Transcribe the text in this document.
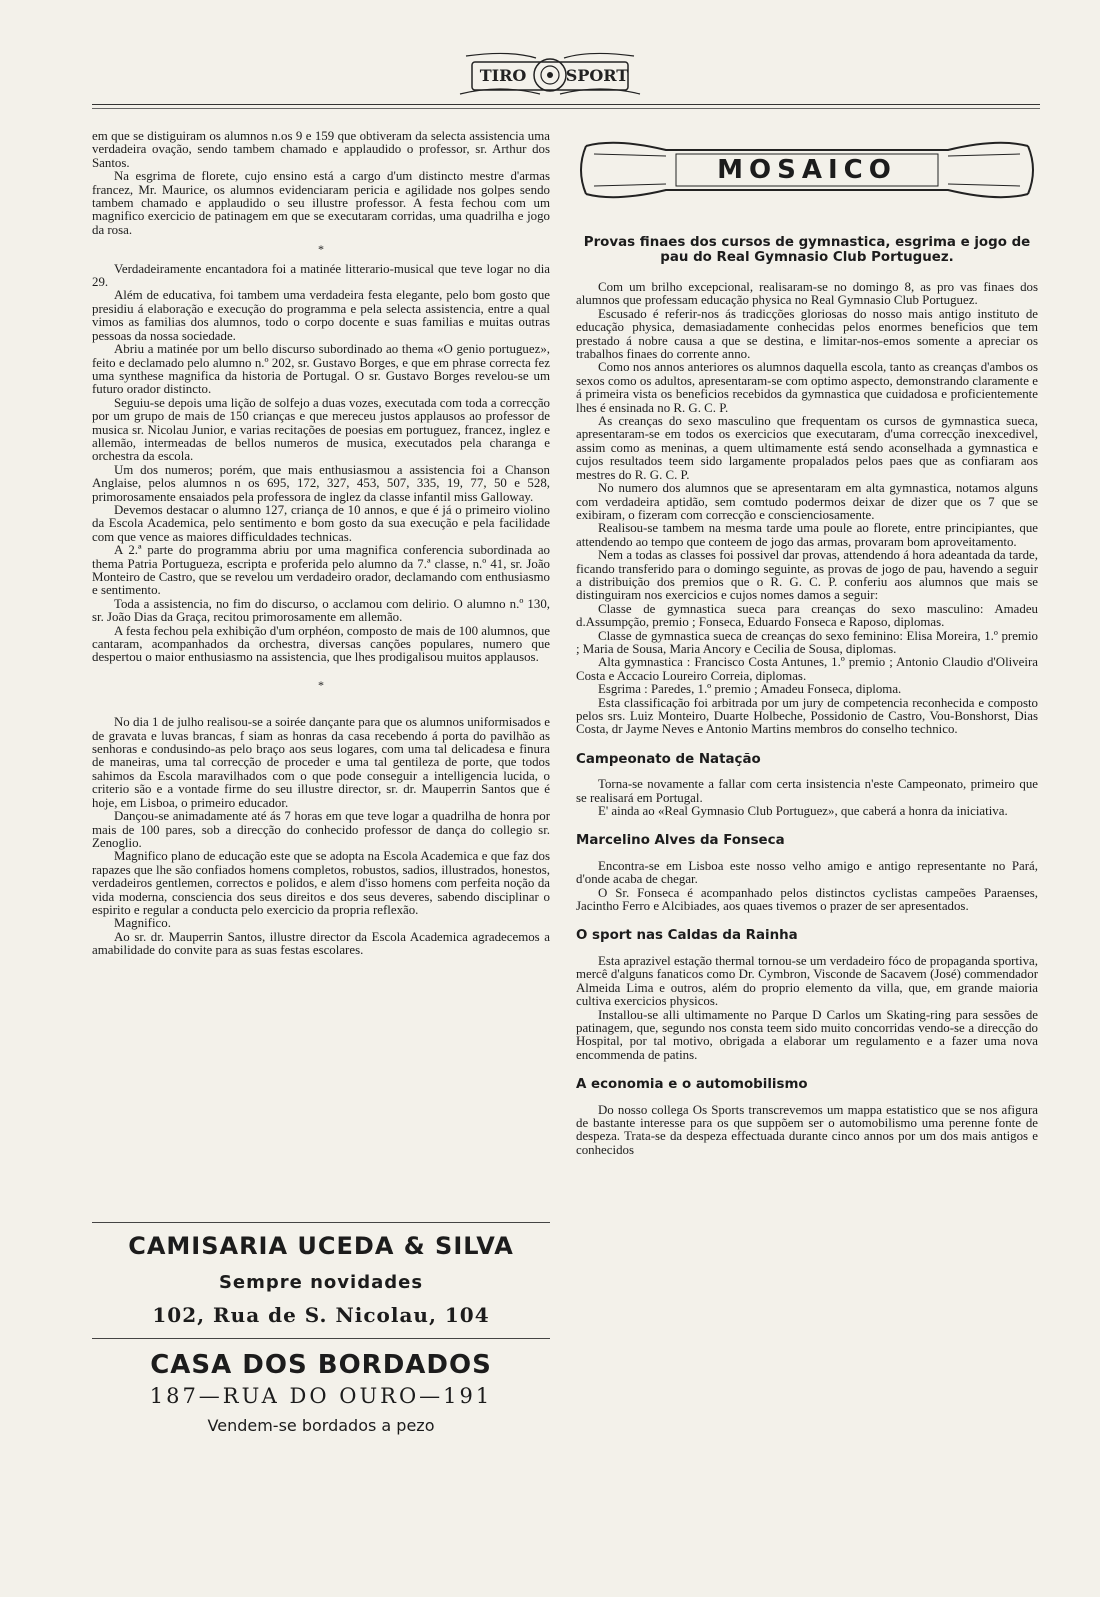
TIRO SPORT

em que se distiguiram os alumnos n.os 9 e 159 que obtiveram da selecta assistencia uma verdadeira ovação, sendo tambem chamado e applaudido o professor, sr. Arthur dos Santos.

Na esgrima de florete, cujo ensino está a cargo d'um distincto mestre d'armas francez, Mr. Maurice, os alumnos evidenciaram pericia e agilidade nos golpes sendo tambem chamado e applaudido o seu illustre professor. A festa fechou com um magnifico exercicio de patinagem em que se executaram corridas, uma quadrilha e jogo da rosa.

*

Verdadeiramente encantadora foi a matinée litterario-musical que teve logar no dia 29.

Além de educativa, foi tambem uma verdadeira festa elegante, pelo bom gosto que presidiu á elaboração e execução do programma e pela selecta assistencia, entre a qual vimos as familias dos alumnos, todo o corpo docente e suas familias e muitas outras pessoas da nossa sociedade.

Abriu a matinée por um bello discurso subordinado ao thema «O genio portuguez», feito e declamado pelo alumno n.º 202, sr. Gustavo Borges, e que em phrase correcta fez uma synthese magnifica da historia de Portugal. O sr. Gustavo Borges revelou-se um futuro orador distincto.

Seguiu-se depois uma lição de solfejo a duas vozes, executada com toda a correcção por um grupo de mais de 150 crianças e que mereceu justos applausos ao professor de musica sr. Nicolau Junior, e varias recitações de poesias em portuguez, francez, inglez e allemão, intermeadas de bellos numeros de musica, executados pela charanga e orchestra da escola.

Um dos numeros; porém, que mais enthusiasmou a assistencia foi a Chanson Anglaise, pelos alumnos n os 695, 172, 327, 453, 507, 335, 19, 77, 50 e 528, primorosamente ensaiados pela professora de inglez da classe infantil miss Galloway.

Devemos destacar o alumno 127, criança de 10 annos, e que é já o primeiro violino da Escola Academica, pelo sentimento e bom gosto da sua execução e pela facilidade com que vence as maiores difficuldades technicas.

A 2.ª parte do programma abriu por uma magnifica conferencia subordinada ao thema Patria Portugueza, escripta e proferida pelo alumno da 7.ª classe, n.º 41, sr. João Monteiro de Castro, que se revelou um verdadeiro orador, declamando com enthusiasmo e sentimento.

Toda a assistencia, no fim do discurso, o acclamou com delirio. O alumno n.º 130, sr. João Dias da Graça, recitou primorosamente em allemão.

A festa fechou pela exhibição d'um orphéon, composto de mais de 100 alumnos, que cantaram, acompanhados da orchestra, diversas canções populares, numero que despertou o maior enthusiasmo na assistencia, que lhes prodigalisou muitos applausos.

*

No dia 1 de julho realisou-se a soirée dançante para que os alumnos uniformisados e de gravata e luvas brancas, f siam as honras da casa recebendo á porta do pavilhão as senhoras e condusindo-as pelo braço aos seus logares, com uma tal delicadesa e finura de maneiras, uma tal correcção de proceder e uma tal gentileza de porte, que todos sahimos da Escola maravilhados com o que pode conseguir a intelligencia lucida, o criterio são e a vontade firme do seu illustre director, sr. dr. Mauperrin Santos que é hoje, em Lisboa, o primeiro educador.

Dançou-se animadamente até ás 7 horas em que teve logar a quadrilha de honra por mais de 100 pares, sob a direcção do conhecido professor de dança do collegio sr. Zenoglio.

Magnifico plano de educação este que se adopta na Escola Academica e que faz dos rapazes que lhe são confiados homens completos, robustos, sadios, illustrados, honestos, verdadeiros gentlemen, correctos e polidos, e alem d'isso homens com perfeita noção da vida moderna, consciencia dos seus direitos e dos seus deveres, sabendo disciplinar o espirito e regular a conducta pelo exercicio da propria reflexão.

Magnifico.

Ao sr. dr. Mauperrin Santos, illustre director da Escola Academica agradecemos a amabilidade do convite para as suas festas escolares.

CAMISARIA UCEDA & SILVA
Sempre novidades
102, Rua de S. Nicolau, 104
CASA DOS BORDADOS
187—RUA DO OURO—191
Vendem-se bordados a pezo
MOSAICO
Provas finaes dos cursos de gymnastica, esgrima e jogo de pau do Real Gymnasio Club Portuguez.

Com um brilho excepcional, realisaram-se no domingo 8, as pro vas finaes dos alumnos que professam educação physica no Real Gymnasio Club Portuguez.

Escusado é referir-nos ás tradicções gloriosas do nosso mais antigo instituto de educação physica, demasiadamente conhecidas pelos enormes beneficios que tem prestado á nobre causa a que se destina, e limitar-nos-emos somente a apreciar os trabalhos finaes do corrente anno.

Como nos annos anteriores os alumnos daquella escola, tanto as creanças d'ambos os sexos como os adultos, apresentaram-se com optimo aspecto, demonstrando claramente e á primeira vista os beneficios recebidos da gymnastica que cuidadosa e proficientemente lhes é ensinada no R. G. C. P.

As creanças do sexo masculino que frequentam os cursos de gymnastica sueca, apresentaram-se em todos os exercicios que executaram, d'uma correcção inexcedivel, assim como as meninas, a quem ultimamente está sendo aconselhada a gymnastica e cujos resultados teem sido largamente propalados pelos paes que as confiaram aos mestres do R. G. C. P.

No numero dos alumnos que se apresentaram em alta gymnastica, notamos alguns com verdadeira aptidão, sem comtudo podermos deixar de dizer que os 7 que se exibiram, o fizeram com correcção e conscienciosamente.

Realisou-se tambem na mesma tarde uma poule ao florete, entre principiantes, que attendendo ao tempo que conteem de jogo das armas, provaram bom aproveitamento.

Nem a todas as classes foi possivel dar provas, attendendo á hora adeantada da tarde, ficando transferido para o domingo seguinte, as provas de jogo de pau, havendo a seguir a distribuição dos premios que o R. G. C. P. conferiu aos alumnos que mais se distinguiram nos exercicios e cujos nomes damos a seguir:

Classe de gymnastica sueca para creanças do sexo masculino: Amadeu d.Assumpção, premio ; Fonseca, Eduardo Fonseca e Raposo, diplomas.

Classe de gymnastica sueca de creanças do sexo feminino: Elisa Moreira, 1.º premio ; Maria de Sousa, Maria Ancory e Cecilia de Sousa, diplomas.

Alta gymnastica : Francisco Costa Antunes, 1.º premio ; Antonio Claudio d'Oliveira Costa e Accacio Loureiro Correia, diplomas.

Esgrima : Paredes, 1.º premio ; Amadeu Fonseca, diploma.

Esta classificação foi arbitrada por um jury de competencia reconhecida e composto pelos srs. Luiz Monteiro, Duarte Holbeche, Possidonio de Castro, Vou-Bonshorst, Dias Costa, dr Jayme Neves e Antonio Martins membros do conselho technico.

Campeonato de Natação

Torna-se novamente a fallar com certa insistencia n'este Campeonato, primeiro que se realisará em Portugal.

E' ainda ao «Real Gymnasio Club Portuguez», que caberá a honra da iniciativa.

Marcelino Alves da Fonseca

Encontra-se em Lisboa este nosso velho amigo e antigo representante no Pará, d'onde acaba de chegar.

O Sr. Fonseca é acompanhado pelos distinctos cyclistas campeões Paraenses, Jacintho Ferro e Alcibiades, aos quaes tivemos o prazer de ser apresentados.

O sport nas Caldas da Rainha

Esta aprazivel estação thermal tornou-se um verdadeiro fóco de propaganda sportiva, mercê d'alguns fanaticos como Dr. Cymbron, Visconde de Sacavem (José) commendador Almeida Lima e outros, além do proprio elemento da villa, que, em grande maioria cultiva exercicios physicos.

Installou-se alli ultimamente no Parque D Carlos um Skating-ring para sessões de patinagem, que, segundo nos consta teem sido muito concorridas vendo-se a direcção do Hospital, por tal motivo, obrigada a elaborar um regulamento e a fazer uma nova encommenda de patins.

A economia e o automobilismo

Do nosso collega Os Sports transcrevemos um mappa estatistico que se nos afigura de bastante interesse para os que suppõem ser o automobilismo uma perenne fonte de despeza. Trata-se da despeza effectuada durante cinco annos por um dos mais antigos e conhecidos
